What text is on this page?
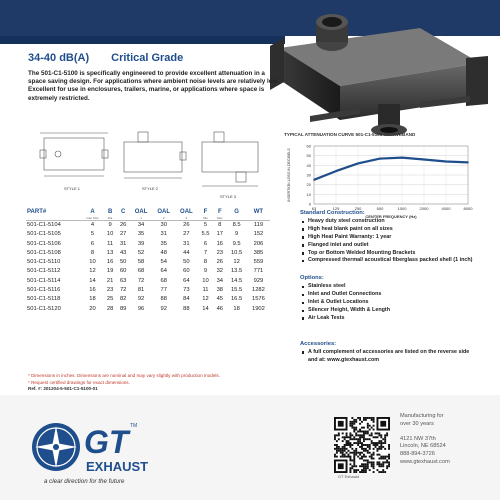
34-40 dB(A) Critical Grade
The 501-C1-5100 is specifically engineered to provide excellent attenuation in a space saving design. For applications where ambient noise levels are relatively low. Excellent for use in enclosures, trailers, marine, or applications where space is extremely restricted.
STYLE 1	STYLE 2
STYLE 3
TYPICAL ATTENUATION CURVE 501-C1-5100 OCTAVEBAND
0
10
20
30
40
50
60
63	125	250	500	1000	2000	4000	8000
INSERTION LOSS IN DECIBELS
CENTER FREQUENCY (Hz)
PART#	A
Inlet Size	B
Dia	C	OAL
1	OAL
2	OAL
3	F
Min	F
Max	G	WT

501-C1-5104	4	9	26	34	30	26	5	8	8.5	119
501-C1-5105	5	10	27	35	31	27	5.5	17	9	152
501-C1-5106	6	11	31	39	35	31	6	16	9.5	206
501-C1-5108	8	13	43	52	48	44	7	23	10.5	385
501-C1-5110	10	16	50	58	54	50	8	26	12	559
501-C1-5112	12	19	60	68	64	60	9	32	13.5	771
501-C1-5114	14	21	63	72	68	64	10	34	14.5	929
501-C1-5116	16	23	72	81	77	73	11	38	15.5	1282
501-C1-5118	18	25	82	92	88	84	12	45	16.5	1576
501-C1-5120	20	28	89	96	92	88	14	46	18	1902
Standard Construction:
Heavy duty steel construction
High heat blank paint on all sizes
High Heat Paint Warranty: 1 year
Flanged inlet and outlet
Top or Bottom Welded Mounting Brackets
Compressed thermal/ acoustical fiberglass packed shell (1 inch)
Options:
Stainless steel
Inlet and Outlet Connections
Inlet & Outlet Locations
Silencer Height, Width & Length
Air Leak Tests
Accessories:
A full complement of accessories are listed on the reverse side and at: www.gtexhaust.com
* Dimensions in inches. Dimensions are nominal and may vary slightly with production models.
* Request certified drawings for exact dimensions.
Ref. #: 201204-5-501-C1-5100-01
GT TM
EXHAUST
a clear direction for the future
GT Exhaust
Manufacturing for
over 30 years

4121 NW 37th
Lincoln, NE 68524
888-894-3726
www.gtexhaust.com
